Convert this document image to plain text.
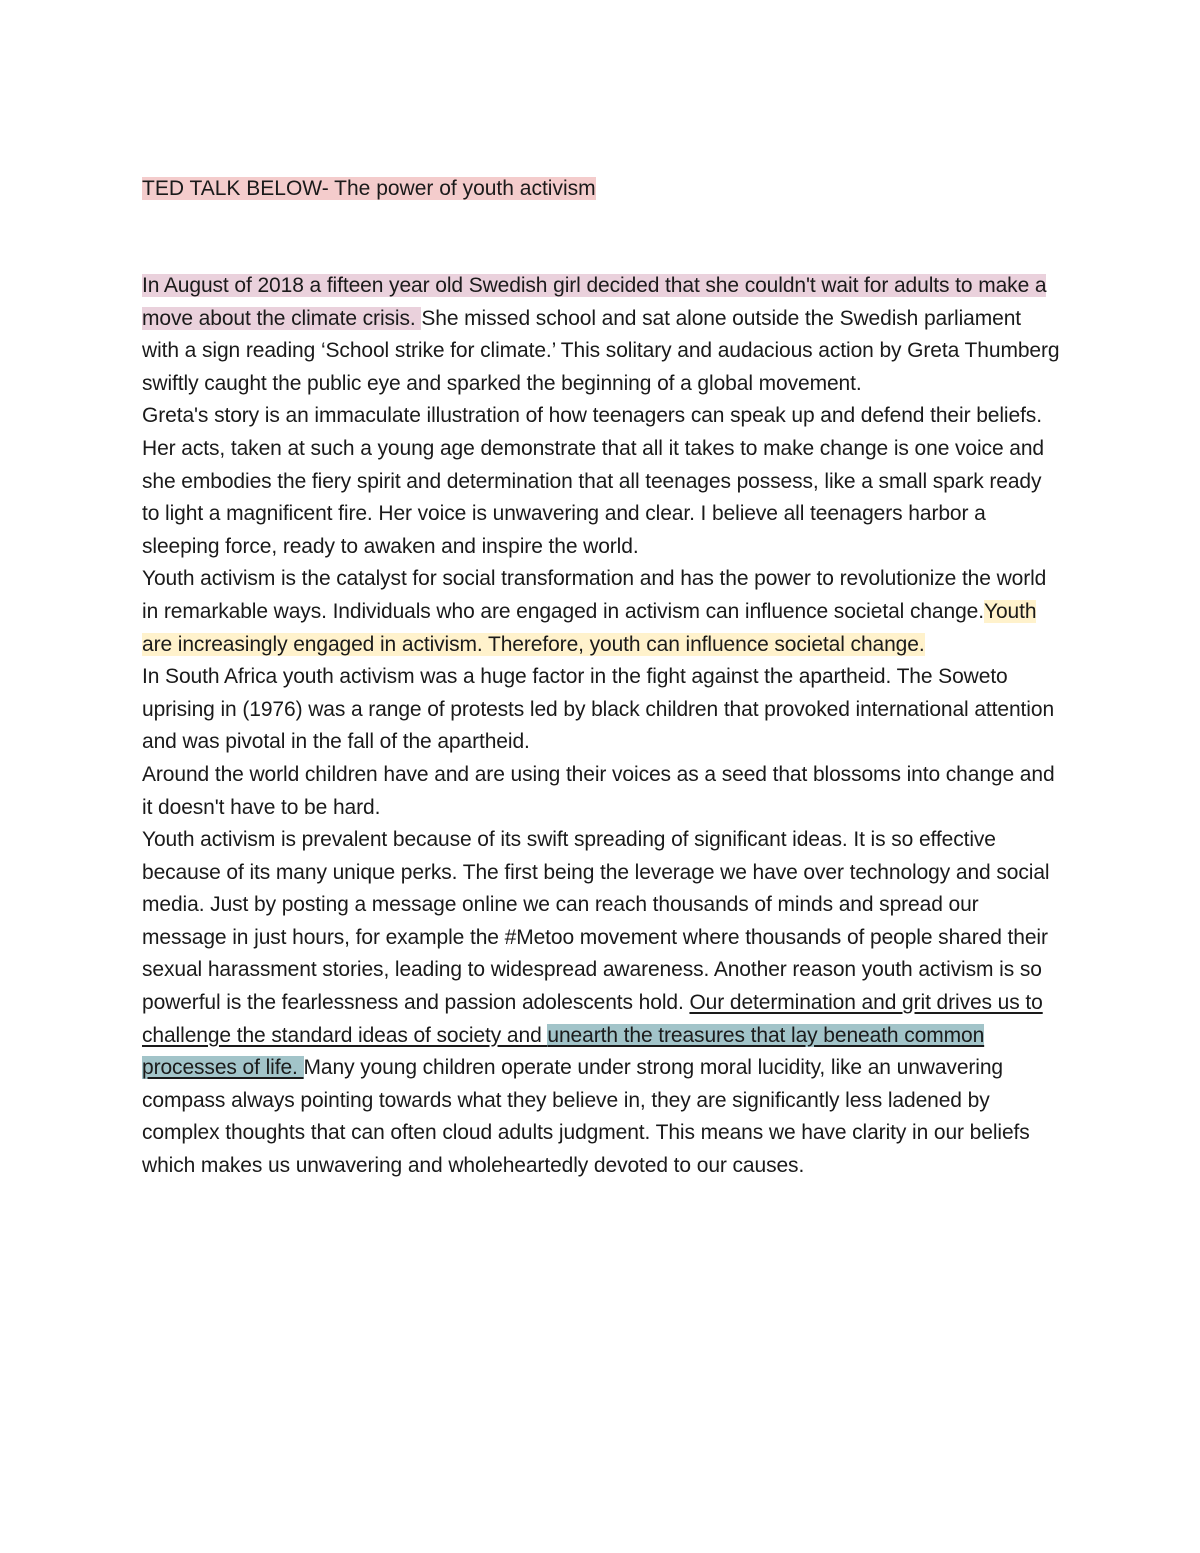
TED TALK BELOW- The power of youth activism

In August of 2018 a fifteen year old Swedish girl decided that she couldn't wait for adults to make a move about the climate crisis. She missed school and sat alone outside the Swedish parliament with a sign reading ‘School strike for climate.’ This solitary and audacious action by Greta Thumberg swiftly caught the public eye and sparked the beginning of a global movement.

Greta's story is an immaculate illustration of how teenagers can speak up and defend their beliefs. Her acts, taken at such a young age demonstrate that all it takes to make change is one voice and she embodies the fiery spirit and determination that all teenages possess, like a small spark ready to light a magnificent fire. Her voice is unwavering and clear. I believe all teenagers harbor a sleeping force, ready to awaken and inspire the world.

Youth activism is the catalyst for social transformation and has the power to revolutionize the world in remarkable ways. Individuals who are engaged in activism can influence societal change.Youth are increasingly engaged in activism. Therefore, youth can influence societal change.

In South Africa youth activism was a huge factor in the fight against the apartheid. The Soweto uprising in (1976) was a range of protests led by black children that provoked international attention and was pivotal in the fall of the apartheid.

Around the world children have and are using their voices as a seed that blossoms into change and it doesn't have to be hard.

Youth activism is prevalent because of its swift spreading of significant ideas. It is so effective because of its many unique perks. The first being the leverage we have over technology and social media. Just by posting a message online we can reach thousands of minds and spread our message in just hours, for example the #Metoo movement where thousands of people shared their sexual harassment stories, leading to widespread awareness. Another reason youth activism is so powerful is the fearlessness and passion adolescents hold. Our determination and grit drives us to challenge the standard ideas of society and unearth the treasures that lay beneath common processes of life. Many young children operate under strong moral lucidity, like an unwavering compass always pointing towards what they believe in, they are significantly less ladened by complex thoughts that can often cloud adults judgment. This means we have clarity in our beliefs which makes us unwavering and wholeheartedly devoted to our causes.
